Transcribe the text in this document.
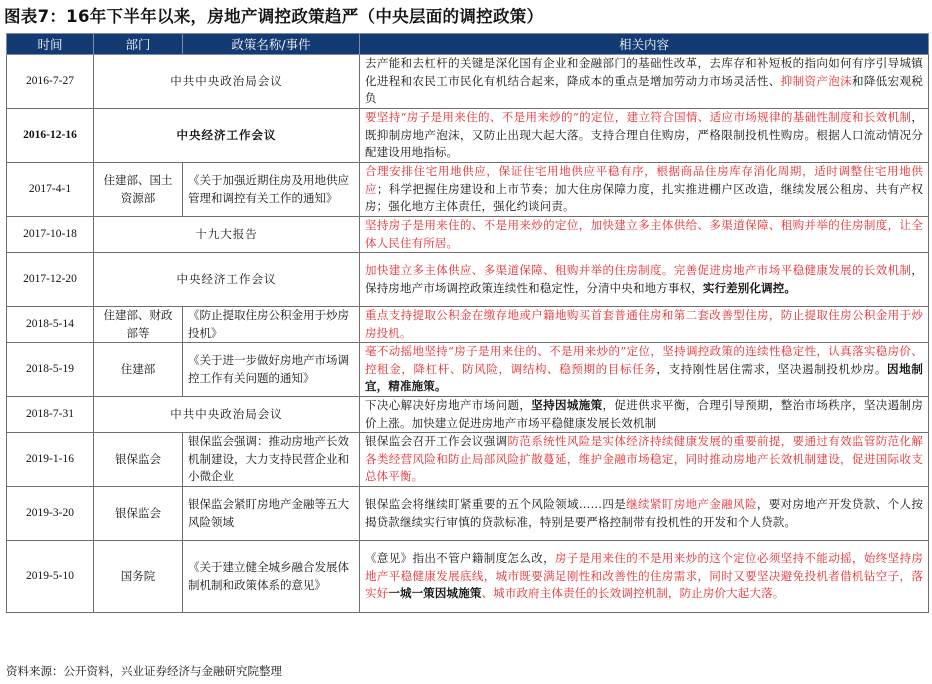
图表7：16年下半年以来，房地产调控政策趋严（中央层面的调控政策）
时间	部门	政策名称/事件	相关内容
2016-7-27	中共中央政治局会议		去产能和去杠杆的关键是深化国有企业和金融部门的基础性改革，去库存和补短板的指向如何有序引导城镇化进程和农民工市民化有机结合起来，降成本的重点是增加劳动力市场灵活性、抑制资产泡沫和降低宏观税负
2016-12-16	中央经济工作会议		要坚持“房子是用来住的、不是用来炒的”的定位，建立符合国情、适应市场规律的基础性制度和长效机制，既抑制房地产泡沫，又防止出现大起大落。支持合理自住购房，严格限制投机性购房。根据人口流动情况分配建设用地指标。
2017-4-1	住建部、国土资源部	《关于加强近期住房及用地供应管理和调控有关工作的通知》	合理安排住宅用地供应，保证住宅用地供应平稳有序，根据商品住房库存消化周期，适时调整住宅用地供应；科学把握住房建设和上市节奏；加大住房保障力度，扎实推进棚户区改造，继续发展公租房、共有产权房；强化地方主体责任，强化约谈问责。
2017-10-18	十九大报告		坚持房子是用来住的、不是用来炒的定位，加快建立多主体供给、多渠道保障、租购并举的住房制度，让全体人民住有所居。
2017-12-20	中央经济工作会议		加快建立多主体供应、多渠道保障、租购并举的住房制度。完善促进房地产市场平稳健康发展的长效机制，保持房地产市场调控政策连续性和稳定性，分清中央和地方事权，实行差别化调控。
2018-5-14	住建部、财政部等	《防止提取住房公积金用于炒房投机》	重点支持提取公积金在缴存地或户籍地购买首套普通住房和第二套改善型住房，防止提取住房公积金用于炒房投机。
2018-5-19	住建部	《关于进一步做好房地产市场调控工作有关问题的通知》	毫不动摇地坚持“房子是用来住的、不是用来炒的”定位，坚持调控政策的连续性稳定性，认真落实稳房价、控租金，降杠杆、防风险，调结构、稳预期的目标任务，支持刚性居住需求，坚决遏制投机炒房。因地制宜，精准施策。
2018-7-31	中共中央政治局会议		下决心解决好房地产市场问题，坚持因城施策，促进供求平衡，合理引导预期，整治市场秩序，坚决遏制房价上涨。加快建立促进房地产市场平稳健康发展长效机制
2019-1-16	银保监会	银保监会强调：推动房地产长效机制建设，大力支持民营企业和小微企业	银保监会召开工作会议强调防范系统性风险是实体经济持续健康发展的重要前提，要通过有效监管防范化解各类经营风险和防止局部风险扩散蔓延，维护金融市场稳定，同时推动房地产长效机制建设，促进国际收支总体平衡。
2019-3-20	银保监会	银保监会紧盯房地产金融等五大风险领域	银保监会将继续盯紧重要的五个风险领域……四是继续紧盯房地产金融风险，要对房地产开发贷款、个人按揭贷款继续实行审慎的贷款标准，特别是要严格控制带有投机性的开发和个人贷款。
2019-5-10	国务院	《关于建立健全城乡融合发展体制机制和政策体系的意见》	《意见》指出不管户籍制度怎么改，房子是用来住的不是用来炒的这个定位必须坚持不能动摇，始终坚持房地产平稳健康发展底线，城市既要满足刚性和改善性的住房需求，同时又要坚决避免投机者借机钻空子，落实好一城一策因城施策、城市政府主体责任的长效调控机制，防止房价大起大落。
资料来源：公开资料，兴业证券经济与金融研究院整理
